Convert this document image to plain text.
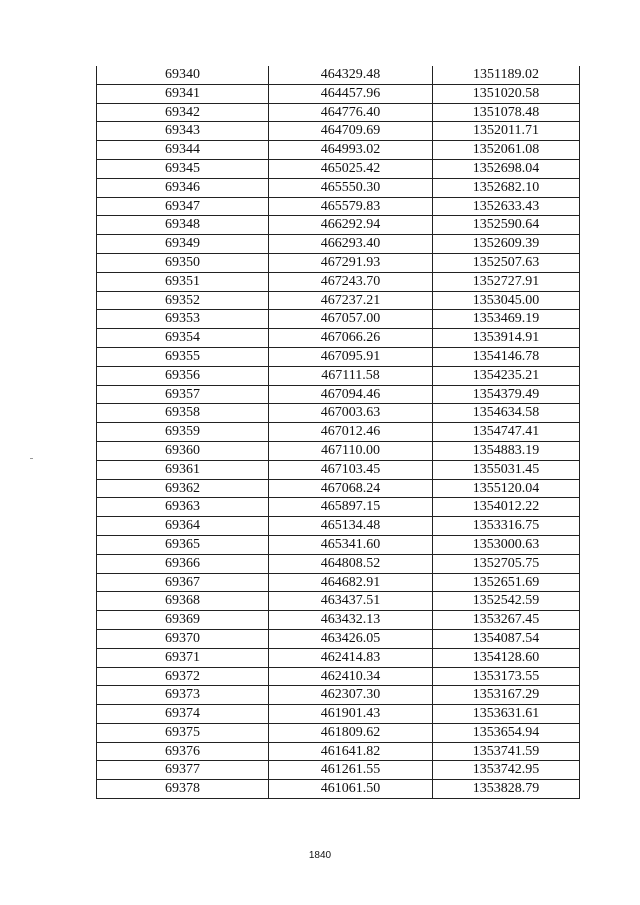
69340	464329.48	1351189.02
69341	464457.96	1351020.58
69342	464776.40	1351078.48
69343	464709.69	1352011.71
69344	464993.02	1352061.08
69345	465025.42	1352698.04
69346	465550.30	1352682.10
69347	465579.83	1352633.43
69348	466292.94	1352590.64
69349	466293.40	1352609.39
69350	467291.93	1352507.63
69351	467243.70	1352727.91
69352	467237.21	1353045.00
69353	467057.00	1353469.19
69354	467066.26	1353914.91
69355	467095.91	1354146.78
69356	467111.58	1354235.21
69357	467094.46	1354379.49
69358	467003.63	1354634.58
69359	467012.46	1354747.41
69360	467110.00	1354883.19
69361	467103.45	1355031.45
69362	467068.24	1355120.04
69363	465897.15	1354012.22
69364	465134.48	1353316.75
69365	465341.60	1353000.63
69366	464808.52	1352705.75
69367	464682.91	1352651.69
69368	463437.51	1352542.59
69369	463432.13	1353267.45
69370	463426.05	1354087.54
69371	462414.83	1354128.60
69372	462410.34	1353173.55
69373	462307.30	1353167.29
69374	461901.43	1353631.61
69375	461809.62	1353654.94
69376	461641.82	1353741.59
69377	461261.55	1353742.95
69378	461061.50	1353828.79
1840
